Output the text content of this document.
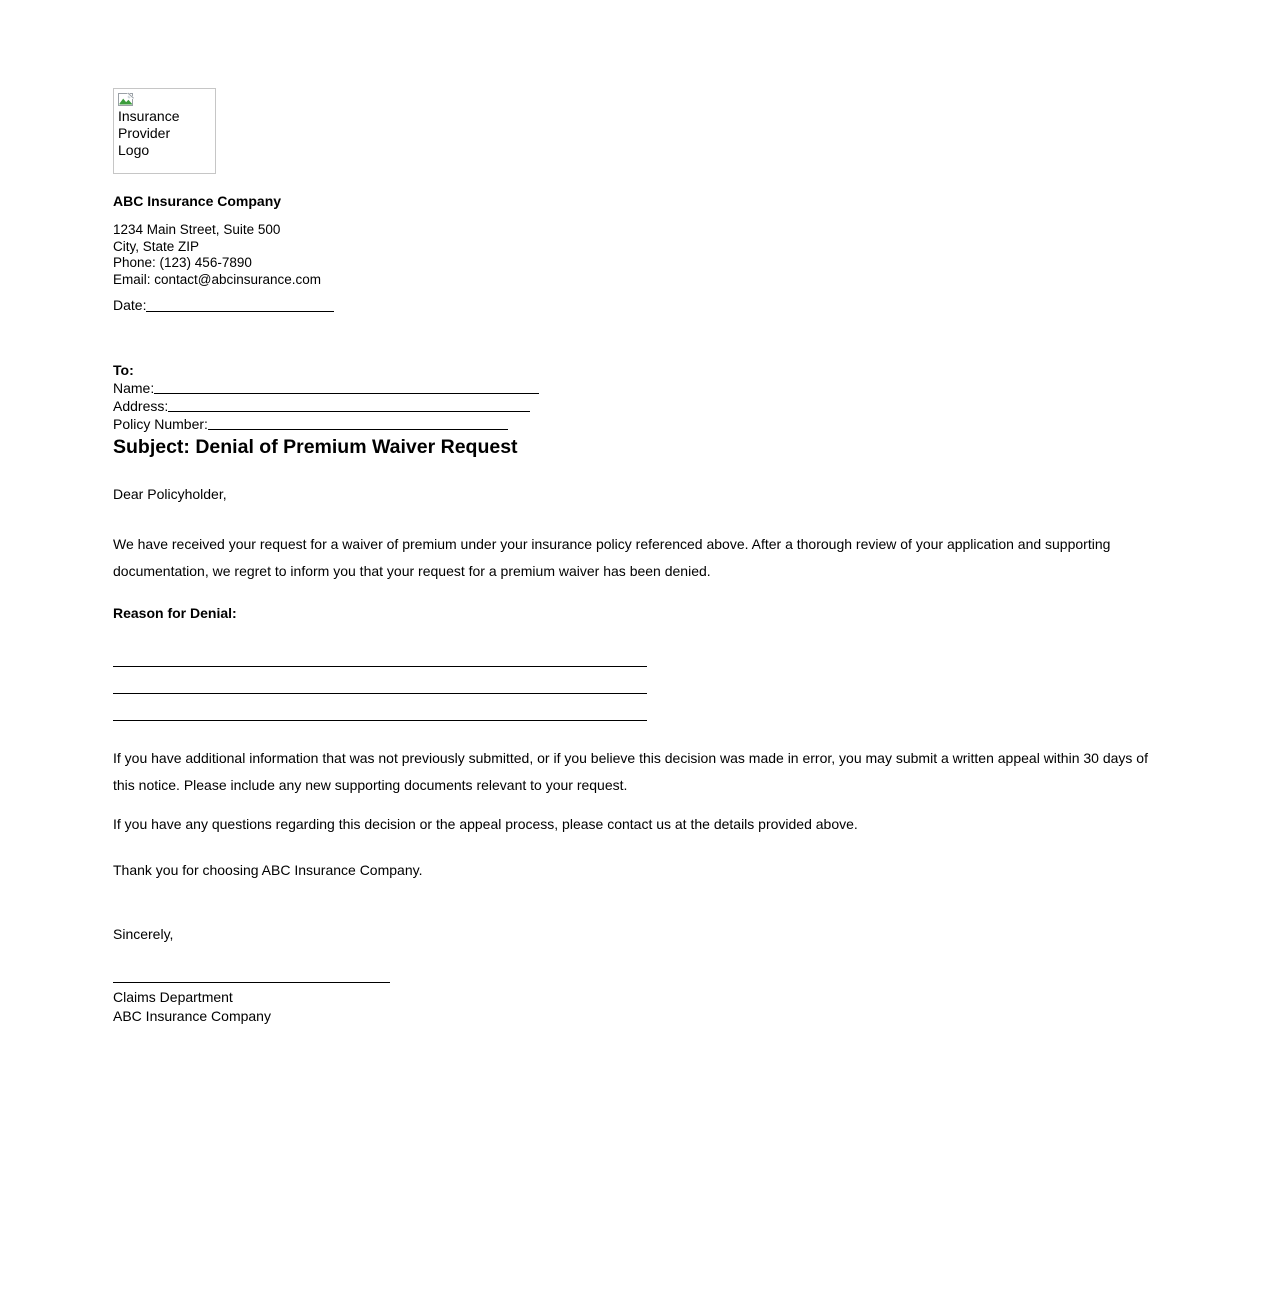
Insurance Provider Logo
ABC Insurance Company
1234 Main Street, Suite 500
City, State ZIP
Phone: (123) 456-7890
Email: contact@abcinsurance.com
Date:
To:
Name:
Address:
Policy Number:
Subject: Denial of Premium Waiver Request
Dear Policyholder,
We have received your request for a waiver of premium under your insurance policy referenced above. After a thorough review of your application and supporting documentation, we regret to inform you that your request for a premium waiver has been denied.
Reason for Denial:
If you have additional information that was not previously submitted, or if you believe this decision was made in error, you may submit a written appeal within 30 days of this notice. Please include any new supporting documents relevant to your request.
If you have any questions regarding this decision or the appeal process, please contact us at the details provided above.
Thank you for choosing ABC Insurance Company.
Sincerely,
Claims Department
ABC Insurance Company
